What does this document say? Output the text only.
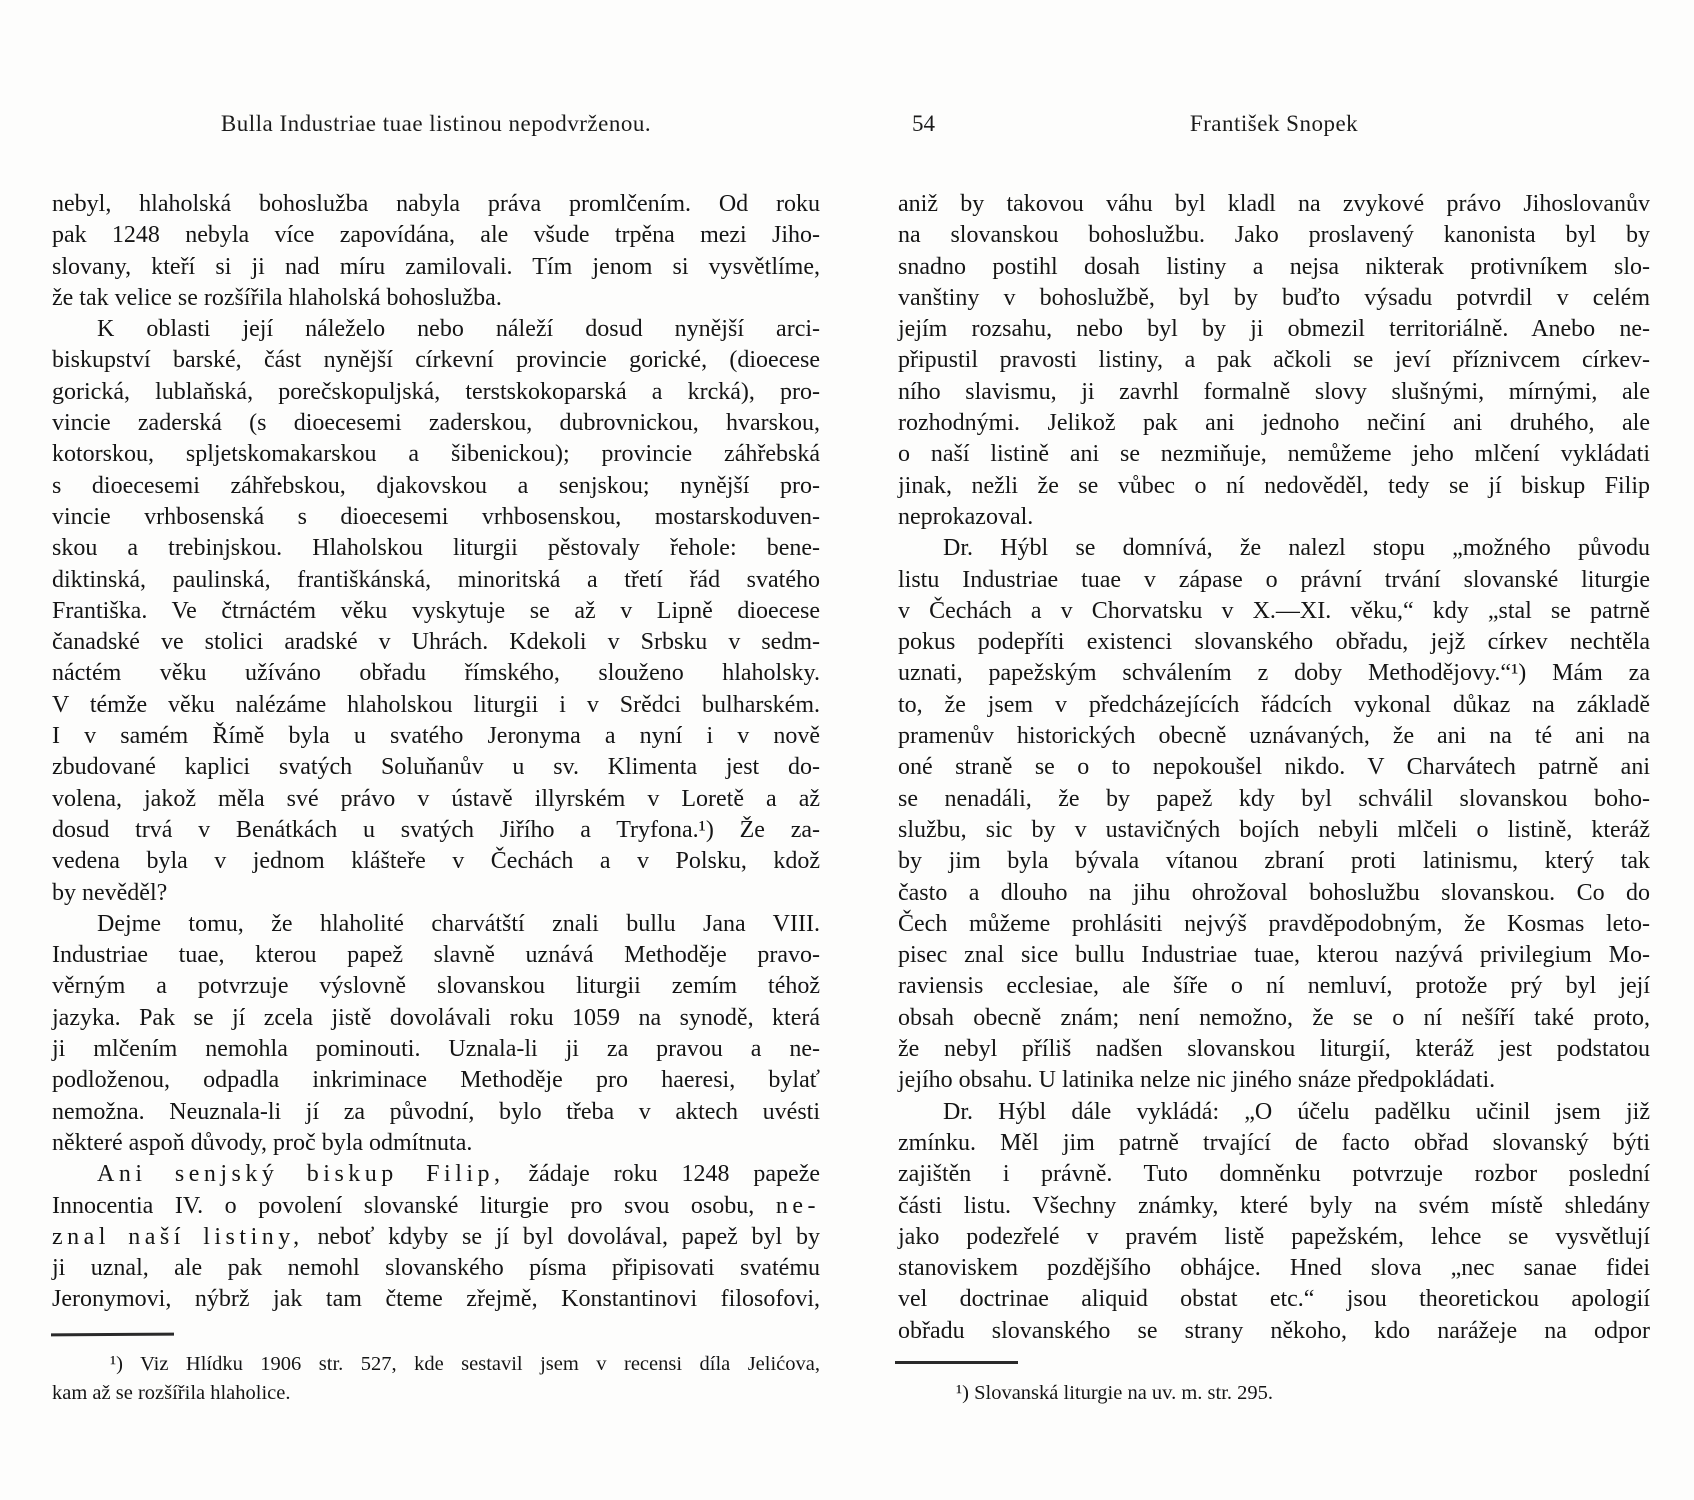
Bulla Industriae tuae listinou nepodvrženou.	54	František Snopek
nebyl, hlaholská bohoslužba nabyla práva promlčením. Od roku
pak 1248 nebyla více zapovídána, ale všude trpěna mezi Jiho-
slovany, kteří si ji nad míru zamilovali. Tím jenom si vysvětlíme,
že tak velice se rozšířila hlaholská bohoslužba.
K oblasti její náleželo nebo náleží dosud nynější arci-
biskupství barské, část nynější církevní provincie gorické, (dioecese
gorická, lublaňská, porečskopuljská, terstskokoparská a krcká), pro-
vincie zaderská (s dioecesemi zaderskou, dubrovnickou, hvarskou,
kotorskou, spljetskomakarskou a šibenickou); provincie záhřebská
s dioecesemi záhřebskou, djakovskou a senjskou; nynější pro-
vincie vrhbosenská s dioecesemi vrhbosenskou, mostarskoduven-
skou a trebinjskou. Hlaholskou liturgii pěstovaly řehole: bene-
diktinská, paulinská, františkánská, minoritská a třetí řád svatého
Františka. Ve čtrnáctém věku vyskytuje se až v Lipně dioecese
čanadské ve stolici aradské v Uhrách. Kdekoli v Srbsku v sedm-
náctém věku užíváno obřadu římského, slouženo hlaholsky.
V témže věku nalézáme hlaholskou liturgii i v Srědci bulharském.
I v samém Římě byla u svatého Jeronyma a nyní i v nově
zbudované kaplici svatých Soluňanův u sv. Klimenta jest do-
volena, jakož měla své právo v ústavě illyrském v Loretě a až
dosud trvá v Benátkách u svatých Jiřího a Tryfona.¹) Že za-
vedena byla v jednom klášteře v Čechách a v Polsku, kdož
by nevěděl?
Dejme tomu, že hlaholité charvátští znali bullu Jana VIII.
Industriae tuae, kterou papež slavně uznává Methoděje pravo-
věrným a potvrzuje výslovně slovanskou liturgii zemím téhož
jazyka. Pak se jí zcela jistě dovolávali roku 1059 na synodě, která
ji mlčením nemohla pominouti. Uznala-li ji za pravou a ne-
podloženou, odpadla inkriminace Methoděje pro haeresi, bylať
nemožna. Neuznala-li jí za původní, bylo třeba v aktech uvésti
některé aspoň důvody, proč byla odmítnuta.
Ani senjský biskup Filip, žádaje roku 1248 papeže
Innocentia IV. o povolení slovanské liturgie pro svou osobu, ne-
znal naší listiny, neboť kdyby se jí byl dovolával, papež byl by
ji uznal, ale pak nemohl slovanského písma připisovati svatému
Jeronymovi, nýbrž jak tam čteme zřejmě, Konstantinovi filosofovi,
¹) Viz Hlídku 1906 str. 527, kde sestavil jsem v recensi díla Jelićova,
kam až se rozšířila hlaholice.
aniž by takovou váhu byl kladl na zvykové právo Jihoslovanův
na slovanskou bohoslužbu. Jako proslavený kanonista byl by
snadno postihl dosah listiny a nejsa nikterak protivníkem slo-
vanštiny v bohoslužbě, byl by buďto výsadu potvrdil v celém
jejím rozsahu, nebo byl by ji obmezil territoriálně. Anebo ne-
připustil pravosti listiny, a pak ačkoli se jeví příznivcem církev-
ního slavismu, ji zavrhl formalně slovy slušnými, mírnými, ale
rozhodnými. Jelikož pak ani jednoho nečiní ani druhého, ale
o naší listině ani se nezmiňuje, nemůžeme jeho mlčení vykládati
jinak, nežli že se vůbec o ní nedověděl, tedy se jí biskup Filip
neprokazoval.
Dr. Hýbl se domnívá, že nalezl stopu „možného původu
listu Industriae tuae v zápase o právní trvání slovanské liturgie
v Čechách a v Chorvatsku v X.—XI. věku,“ kdy „stal se patrně
pokus podepříti existenci slovanského obřadu, jejž církev nechtěla
uznati, papežským schválením z doby Methodějovy.“¹) Mám za
to, že jsem v předcházejících řádcích vykonal důkaz na základě
pramenův historických obecně uznávaných, že ani na té ani na
oné straně se o to nepokoušel nikdo. V Charvátech patrně ani
se nenadáli, že by papež kdy byl schválil slovanskou boho-
službu, sic by v ustavičných bojích nebyli mlčeli o listině, kteráž
by jim byla bývala vítanou zbraní proti latinismu, který tak
často a dlouho na jihu ohrožoval bohoslužbu slovanskou. Co do
Čech můžeme prohlásiti nejvýš pravděpodobným, že Kosmas leto-
pisec znal sice bullu Industriae tuae, kterou nazývá privilegium Mo-
raviensis ecclesiae, ale šíře o ní nemluví, protože prý byl její
obsah obecně znám; není nemožno, že se o ní nešíří také proto,
že nebyl příliš nadšen slovanskou liturgií, kteráž jest podstatou
jejího obsahu. U latinika nelze nic jiného snáze předpokládati.
Dr. Hýbl dále vykládá: „O účelu padělku učinil jsem již
zmínku. Měl jim patrně trvající de facto obřad slovanský býti
zajištěn i právně. Tuto domněnku potvrzuje rozbor poslední
části listu. Všechny známky, které byly na svém místě shledány
jako podezřelé v pravém listě papežském, lehce se vysvětlují
stanoviskem pozdějšího obhájce. Hned slova „nec sanae fidei
vel doctrinae aliquid obstat etc.“ jsou theoretickou apologií
obřadu slovanského se strany někoho, kdo narážeje na odpor
¹) Slovanská liturgie na uv. m. str. 295.
